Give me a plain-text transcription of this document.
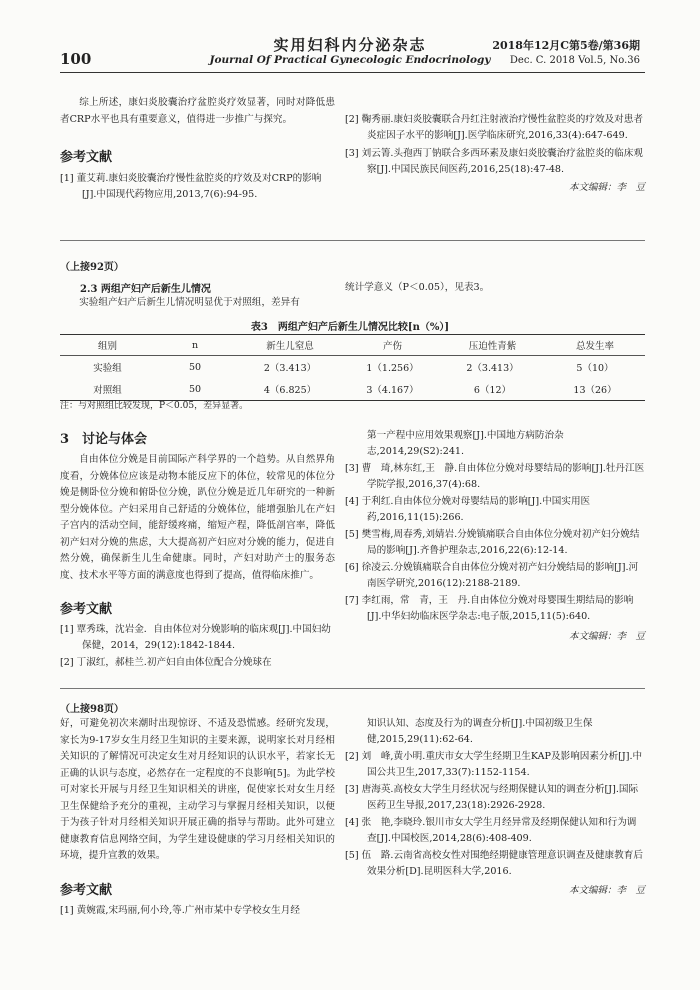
100
实用妇科内分泌杂志
Journal Of Practical Gynecologic Endocrinology
2018年12月C第5卷/第36期
Dec. C. 2018 Vol.5, No.36
综上所述，康妇炎胶囊治疗盆腔炎疗效显著，同时对降低患者CRP水平也具有重要意义，值得进一步推广与探究。
参考文献
[1] 董艾莉.康妇炎胶囊治疗慢性盆腔炎的疗效及对CRP的影响[J].中国现代药物应用,2013,7(6):94-95.
[2] 鞠秀丽.康妇炎胶囊联合丹红注射液治疗慢性盆腔炎的疗效及对患者炎症因子水平的影响[J].医学临床研究,2016,33(4):647-649.
[3] 刘云箐.头孢西丁钠联合多西环素及康妇炎胶囊治疗盆腔炎的临床观察[J].中国民族民间医药,2016,25(18):47-48.
本文编辑：李　豆
（上接92页）
2.3 两组产妇产后新生儿情况
实验组产妇产后新生儿情况明显优于对照组，差异有
统计学意义（P＜0.05），见表3。
表3　两组产妇产后新生儿情况比较[n（%）]
组别	n	新生儿窒息	产伤	压迫性青紫	总发生率
实验组	50	2（3.413）	1（1.256）	2（3.413）	5（10）
对照组	50	4（6.825）	3（4.167）	6（12）	13（26）
注：与对照组比较发现，P＜0.05，差异显著。
3　讨论与体会
自由体位分娩是目前国际产科学界的一个趋势。从自然界角度看，分娩体位应该是动物本能反应下的体位，较常见的体位分娩是侧卧位分娩和俯卧位分娩，趴位分娩是近几年研究的一种新型分娩体位。产妇采用自己舒适的分娩体位，能增强胎儿在产妇子宫内的活动空间，能舒缓疼痛，缩短产程，降低剖宫率，降低初产妇对分娩的焦虑，大大提高初产妇应对分娩的能力，促进自然分娩，确保新生儿生命健康。同时，产妇对助产士的服务态度、技术水平等方面的满意度也得到了提高，值得临床推广。
参考文献
[1] 覃秀珠，沈岩金．自由体位对分娩影响的临床观[J].中国妇幼保健，2014，29(12):1842-1844.
[2] 丁淑红，郝桂兰.初产妇自由体位配合分娩球在
第一产程中应用效果观察[J].中国地方病防治杂志,2014,29(S2):241.
[3] 曹　琦,林东红,王　静.自由体位分娩对母婴结局的影响[J].牡丹江医学院学报,2016,37(4):68.
[4] 于利红.自由体位分娩对母婴结局的影响[J].中国实用医药,2016,11(15):266.
[5] 樊雪梅,周春秀,刘婧岩.分娩镇痛联合自由体位分娩对初产妇分娩结局的影响[J].齐鲁护理杂志,2016,22(6):12-14.
[6] 徐凌云.分娩镇痛联合自由体位分娩对初产妇分娩结局的影响[J].河南医学研究,2016(12):2188-2189.
[7] 李红雨，常　青，王　丹.自由体位分娩对母婴围生期结局的影响[J].中华妇幼临床医学杂志:电子版,2015,11(5):640.
本文编辑：李　豆
（上接98页）
好，可避免初次来潮时出现惊讶、不适及恐慌感。经研究发现，家长为9-17岁女生月经卫生知识的主要来源，说明家长对月经相关知识的了解情况可决定女生对月经知识的认识水平，若家长无正确的认识与态度，必然存在一定程度的不良影响[5]。为此学校可对家长开展与月经卫生知识相关的讲座，促使家长对女生月经卫生保健给予充分的重视，主动学习与掌握月经相关知识，以便于为孩子针对月经相关知识开展正确的指导与帮助。此外可建立健康教育信息网络空间，为学生建设健康的学习月经相关知识的环境，提升宣教的效果。
参考文献
[1] 黄婉霞,宋玛丽,何小玲,等.广州市某中专学校女生月经
知识认知、态度及行为的调查分析[J].中国初级卫生保健,2015,29(11):62-64.
[2] 刘　峰,黄小明.重庆市女大学生经期卫生KAP及影响因素分析[J].中国公共卫生,2017,33(7):1152-1154.
[3] 唐海英.高校女大学生月经状况与经期保健认知的调查分析[J].国际医药卫生导报,2017,23(18):2926-2928.
[4] 张　艳,李晓玲.银川市女大学生月经异常及经期保健认知和行为调查[J].中国校医,2014,28(6):408-409.
[5] 伍　路.云南省高校女性对围绝经期健康管理意识调查及健康教育后效果分析[D].昆明医科大学,2016.
本文编辑：李　豆
